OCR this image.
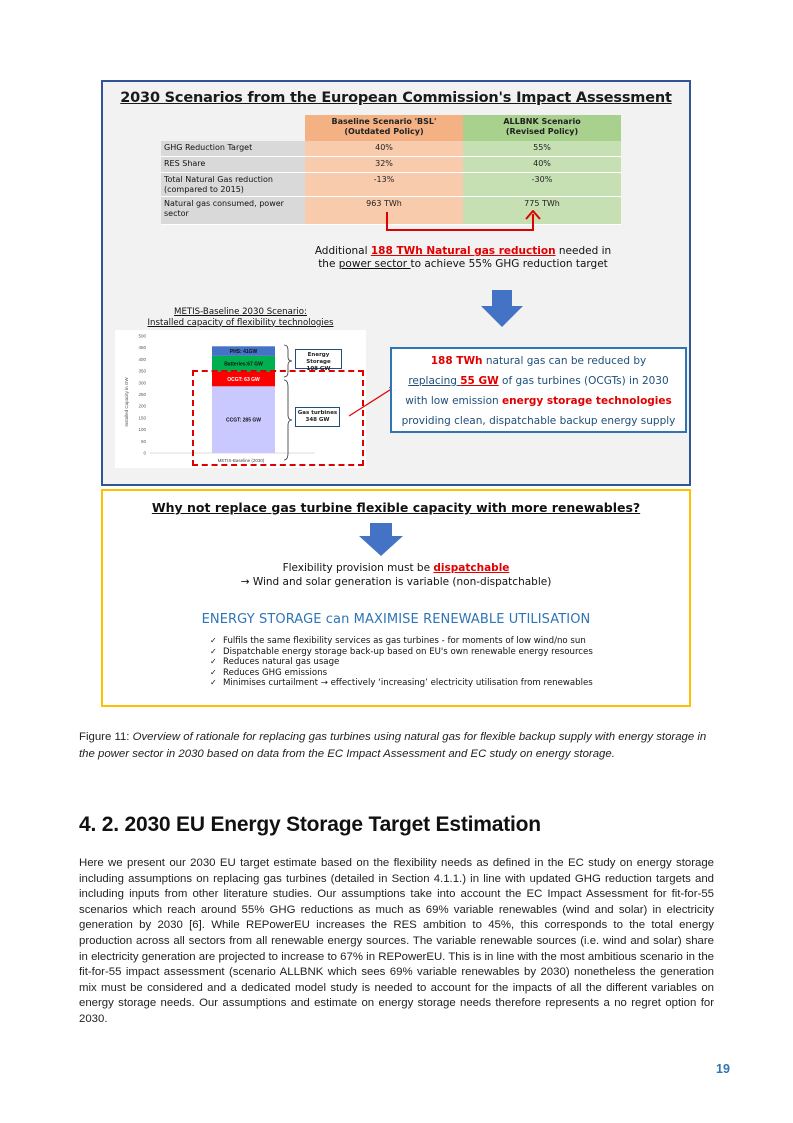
2030 Scenarios from the European Commission's Impact Assessment
Baseline Scenario 'BSL'
(Outdated Policy)
ALLBNK Scenario
(Revised Policy)
GHG Reduction Target	40%	55%
RES Share	32%	40%
Total Natural Gas reduction
(compared to 2015)
-13%	-30%
Natural gas consumed, power
sector
963 TWh	775 TWh
Additional 188 TWh Natural gas reduction needed in
the power sector to achieve 55% GHG reduction target
METIS-Baseline 2030 Scenario:
Installed capacity of flexibility technologies
Installed Capacity in GW
0
50
100
150
200
250
300
350
400
450
500
CCGT: 285 GW
OCGT: 63 GW
Batteries:67 GW
PHS: 41GW
METIS-Baseline (2030)
Energy Storage
108 GW
Gas turbines
348 GW
188 TWh natural gas can be reduced by
replacing 55 GW of gas turbines (OCGTs) in 2030
with low emission energy storage technologies
providing clean, dispatchable backup energy supply
Why not replace gas turbine flexible capacity with more renewables?
Flexibility provision must be dispatchable
→ Wind and solar generation is variable (non-dispatchable)
ENERGY STORAGE can MAXIMISE RENEWABLE UTILISATION
✓ Fulfils the same flexibility services as gas turbines - for moments of low wind/no sun
✓ Dispatchable energy storage back-up based on EU's own renewable energy resources
✓ Reduces natural gas usage
✓ Reduces GHG emissions
✓ Minimises curtailment → effectively ‘increasing’ electricity utilisation from renewables
Figure 11: Overview of rationale for replacing gas turbines using natural gas for flexible backup supply with energy storage in the power sector in 2030 based on data from the EC Impact Assessment and EC study on energy storage.
4. 2. 2030 EU Energy Storage Target Estimation
Here we present our 2030 EU target estimate based on the flexibility needs as defined in the EC study on energy storage including assumptions on replacing gas turbines (detailed in Section 4.1.1.) in line with updated GHG reduction targets and including inputs from other literature studies. Our assumptions take into account the EC Impact Assessment for fit-for-55 scenarios which reach around 55% GHG reductions as much as 69% variable renewables (wind and solar) in electricity generation by 2030 [6]. While REPowerEU increases the RES ambition to 45%, this corresponds to the total energy production across all sectors from all renewable energy sources. The variable renewable sources (i.e. wind and solar) share in electricity generation are projected to increase to 67% in REPowerEU. This is in line with the most ambitious scenario in the fit-for-55 impact assessment (scenario ALLBNK which sees 69% variable renewables by 2030) nonetheless the generation mix must be considered and a dedicated model study is needed to account for the impacts of all the different variables on energy storage needs. Our assumptions and estimate on energy storage needs therefore represents a no regret option for 2030.
19
